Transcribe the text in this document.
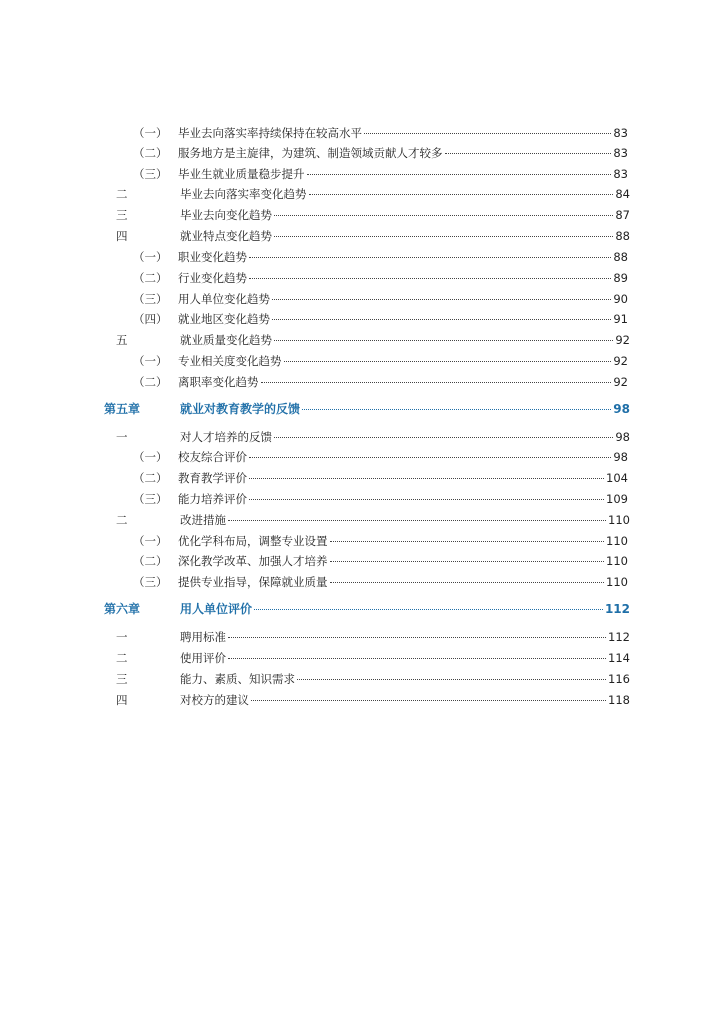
（一） 毕业去向落实率持续保持在较高水平	83
（二） 服务地方是主旋律，为建筑、制造领域贡献人才较多	83
（三） 毕业生就业质量稳步提升	83
二	毕业去向落实率变化趋势	84
三	毕业去向变化趋势	87
四	就业特点变化趋势	88
（一） 职业变化趋势	88
（二） 行业变化趋势	89
（三） 用人单位变化趋势	90
（四） 就业地区变化趋势	91
五	就业质量变化趋势	92
（一） 专业相关度变化趋势	92
（二） 离职率变化趋势	92
第五章	就业对教育教学的反馈	98
一	对人才培养的反馈	98
（一） 校友综合评价	98
（二） 教育教学评价	104
（三） 能力培养评价	109
二	改进措施	110
（一） 优化学科布局，调整专业设置	110
（二） 深化教学改革、加强人才培养	110
（三） 提供专业指导，保障就业质量	110
第六章	用人单位评价	112
一	聘用标准	112
二	使用评价	114
三	能力、素质、知识需求	116
四	对校方的建议	118
